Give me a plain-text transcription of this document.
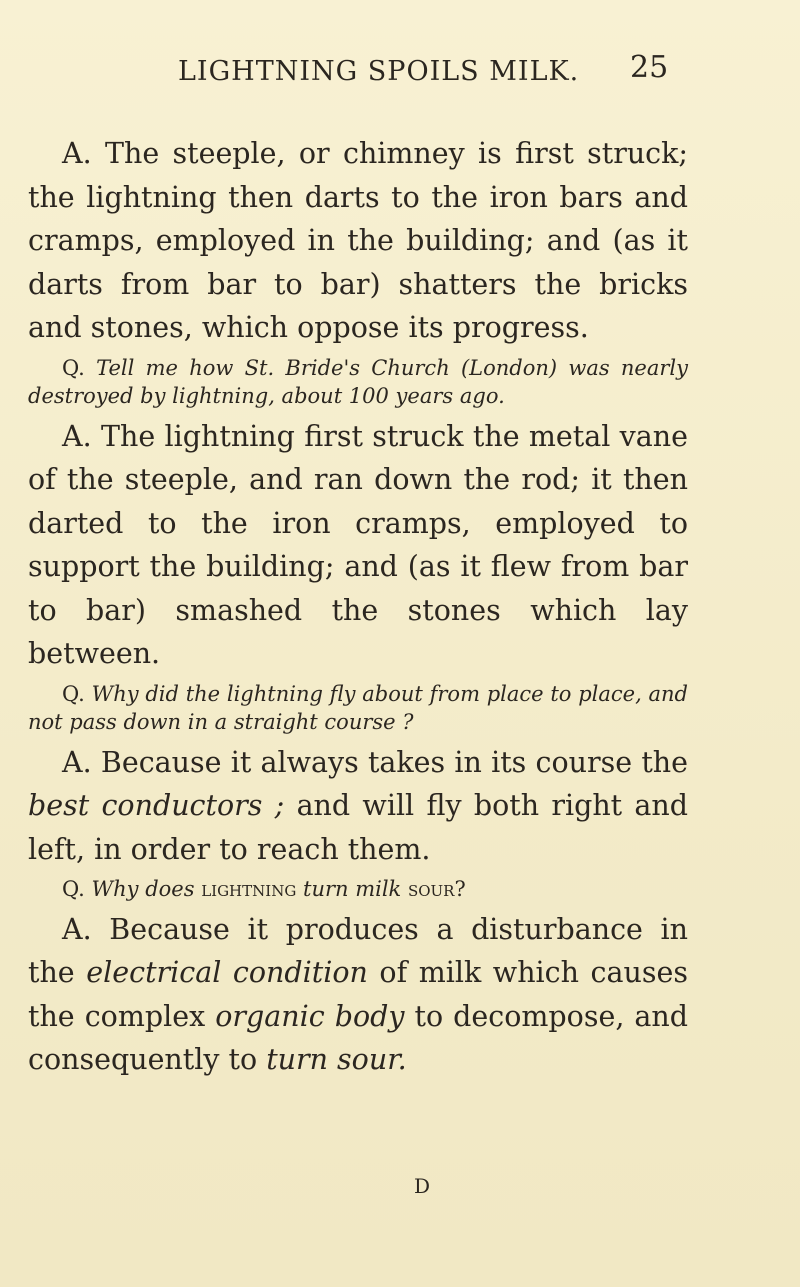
LIGHTNING SPOILS MILK. 25

A. The steeple, or chimney is first struck; the lightning then darts to the iron bars and cramps, employed in the building; and (as it darts from bar to bar) shatters the bricks and stones, which oppose its progress.

Q. Tell me how St. Bride's Church (London) was nearly destroyed by lightning, about 100 years ago.

A. The lightning first struck the metal vane of the steeple, and ran down the rod; it then darted to the iron cramps, employed to support the building; and (as it flew from bar to bar) smashed the stones which lay between.

Q. Why did the lightning fly about from place to place, and not pass down in a straight course ?

A. Because it always takes in its course the best conductors ; and will fly both right and left, in order to reach them.

Q. Why does lightning turn milk sour?

A. Because it produces a disturbance in the electrical condition of milk which causes the complex organic body to decompose, and consequently to turn sour.

D
